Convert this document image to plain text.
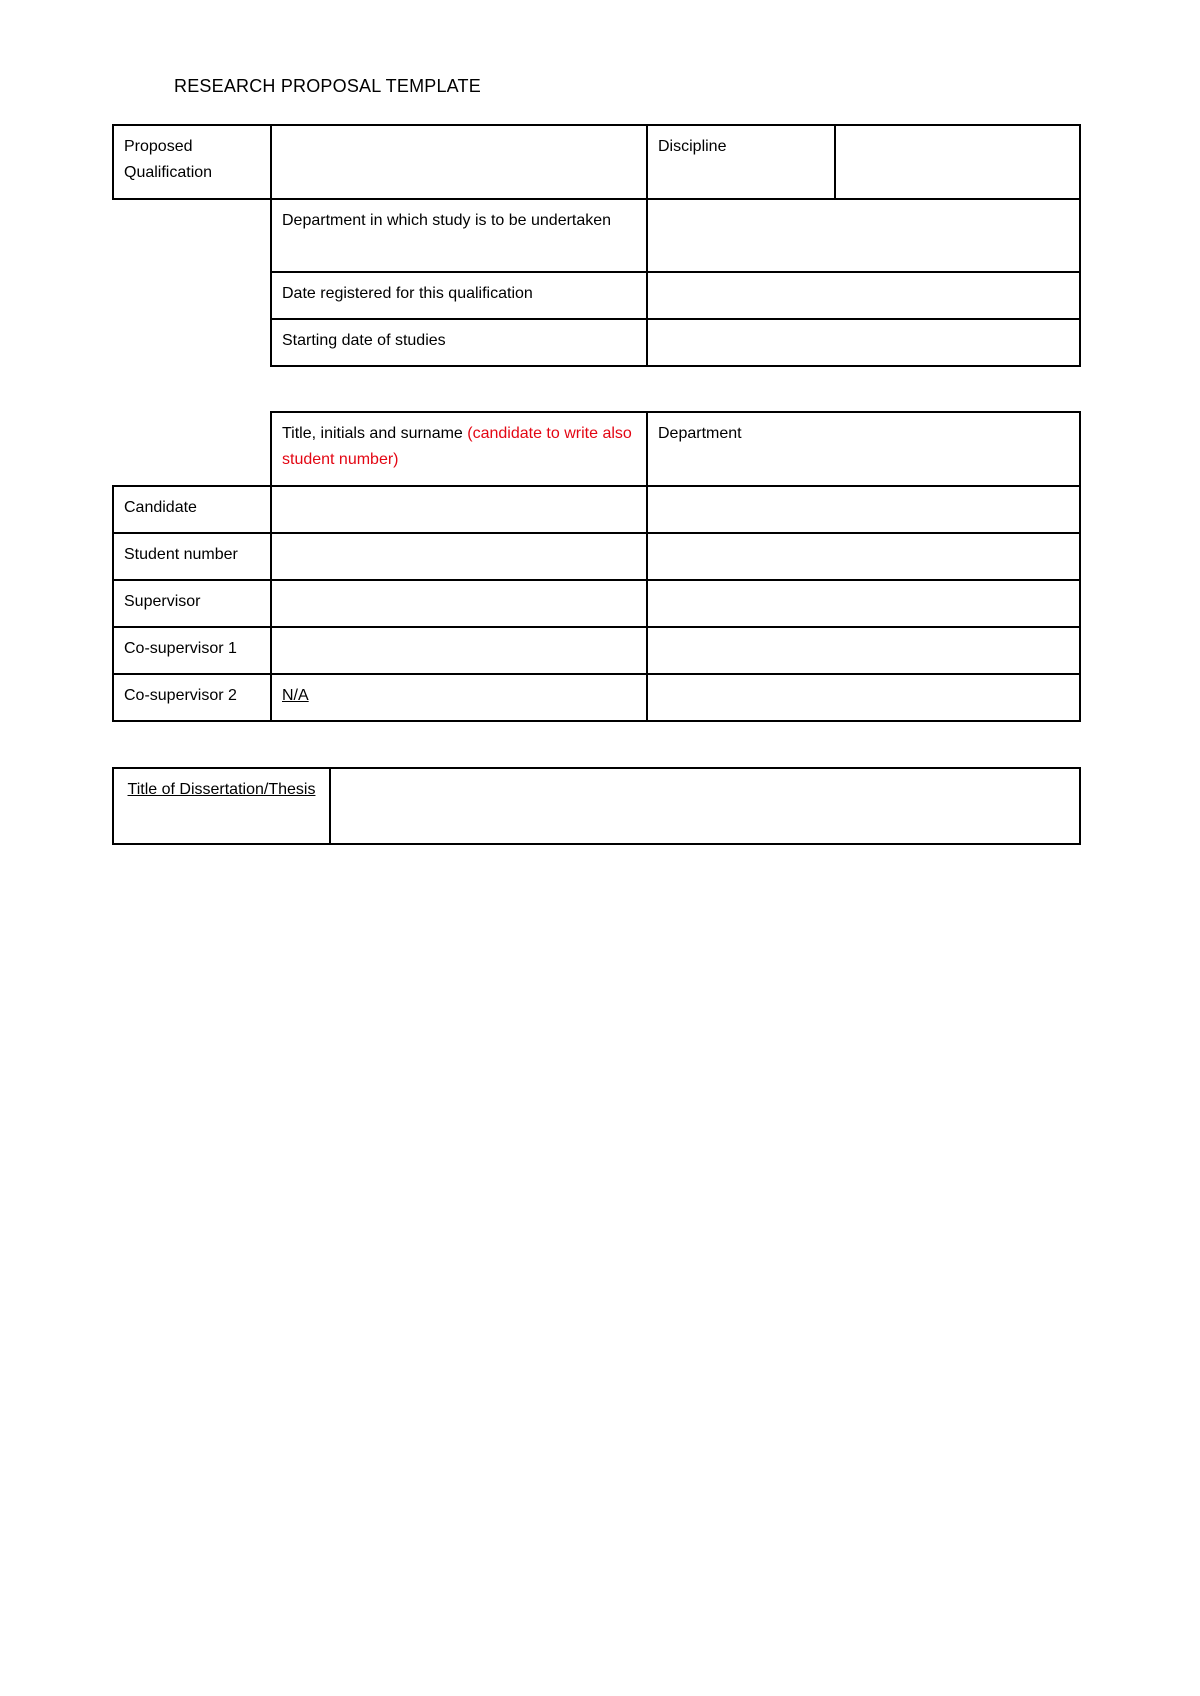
RESEARCH PROPOSAL TEMPLATE
Proposed Qualification		Discipline	
	Department in which study is to be undertaken		
	Date registered for this qualification		
	Starting date of studies		
	Title, initials and surname (candidate to write also student number)	Department
Candidate		
Student number		
Supervisor		
Co-supervisor 1		
Co-supervisor 2	N/A	
Title of Dissertation/Thesis	
